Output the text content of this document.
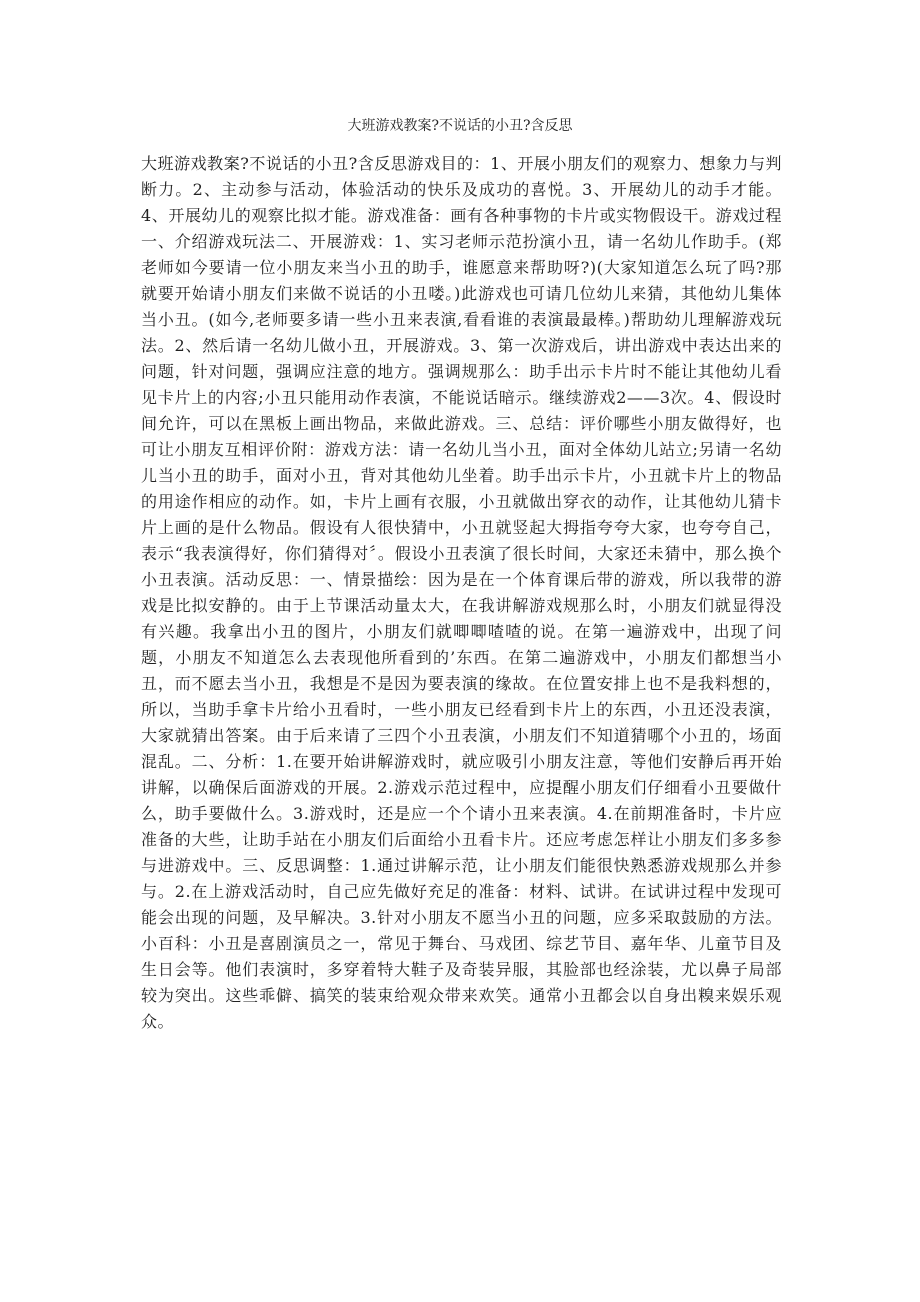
大班游戏教案?不说话的小丑?含反思

大班游戏教案?不说话的小丑?含反思游戏目的：1、开展小朋友们的观察力、想象力与判断力。2、主动参与活动，体验活动的快乐及成功的喜悦。3、开展幼儿的动手才能。4、开展幼儿的观察比拟才能。游戏准备：画有各种事物的卡片或实物假设干。游戏过程一、介绍游戏玩法二、开展游戏：1、实习老师示范扮演小丑，请一名幼儿作助手。(郑老师如今要请一位小朋友来当小丑的助手，谁愿意来帮助呀?)(大家知道怎么玩了吗?那就要开始请小朋友们来做不说话的小丑喽。)此游戏也可请几位幼儿来猜，其他幼儿集体当小丑。(如今,老师要多请一些小丑来表演,看看谁的表演最最棒。)帮助幼儿理解游戏玩法。2、然后请一名幼儿做小丑，开展游戏。3、第一次游戏后，讲出游戏中表达出来的问题，针对问题，强调应注意的地方。强调规那么：助手出示卡片时不能让其他幼儿看见卡片上的内容;小丑只能用动作表演，不能说话暗示。继续游戏2——3次。4、假设时间允许，可以在黑板上画出物品，来做此游戏。三、总结：评价哪些小朋友做得好，也可让小朋友互相评价附：游戏方法：请一名幼儿当小丑，面对全体幼儿站立;另请一名幼儿当小丑的助手，面对小丑，背对其他幼儿坐着。助手出示卡片，小丑就卡片上的物品的用途作相应的动作。如，卡片上画有衣服，小丑就做出穿衣的动作，让其他幼儿猜卡片上画的是什么物品。假设有人很快猜中，小丑就竖起大拇指夸夸大家，也夸夸自己，表示“我表演得好，你们猜得对〞。假设小丑表演了很长时间，大家还未猜中，那么换个小丑表演。活动反思：一、情景描绘：因为是在一个体育课后带的游戏，所以我带的游戏是比拟安静的。由于上节课活动量太大，在我讲解游戏规那么时，小朋友们就显得没有兴趣。我拿出小丑的图片，小朋友们就唧唧喳喳的说。在第一遍游戏中，出现了问题，小朋友不知道怎么去表现他所看到的’东西。在第二遍游戏中，小朋友们都想当小丑，而不愿去当小丑，我想是不是因为要表演的缘故。在位置安排上也不是我料想的，所以，当助手拿卡片给小丑看时，一些小朋友已经看到卡片上的东西，小丑还没表演，大家就猜出答案。由于后来请了三四个小丑表演，小朋友们不知道猜哪个小丑的，场面混乱。二、分析：1.在要开始讲解游戏时，就应吸引小朋友注意，等他们安静后再开始讲解，以确保后面游戏的开展。2.游戏示范过程中，应提醒小朋友们仔细看小丑要做什么，助手要做什么。3.游戏时，还是应一个个请小丑来表演。4.在前期准备时，卡片应准备的大些，让助手站在小朋友们后面给小丑看卡片。还应考虑怎样让小朋友们多多参与进游戏中。三、反思调整：1.通过讲解示范，让小朋友们能很快熟悉游戏规那么并参与。2.在上游戏活动时，自己应先做好充足的准备：材料、试讲。在试讲过程中发现可能会出现的问题，及早解决。3.针对小朋友不愿当小丑的问题，应多采取鼓励的方法。小百科：小丑是喜剧演员之一，常见于舞台、马戏团、综艺节目、嘉年华、儿童节目及生日会等。他们表演时，多穿着特大鞋子及奇装异服，其脸部也经涂装，尤以鼻子局部较为突出。这些乖僻、搞笑的装束给观众带来欢笑。通常小丑都会以自身出糗来娱乐观众。
